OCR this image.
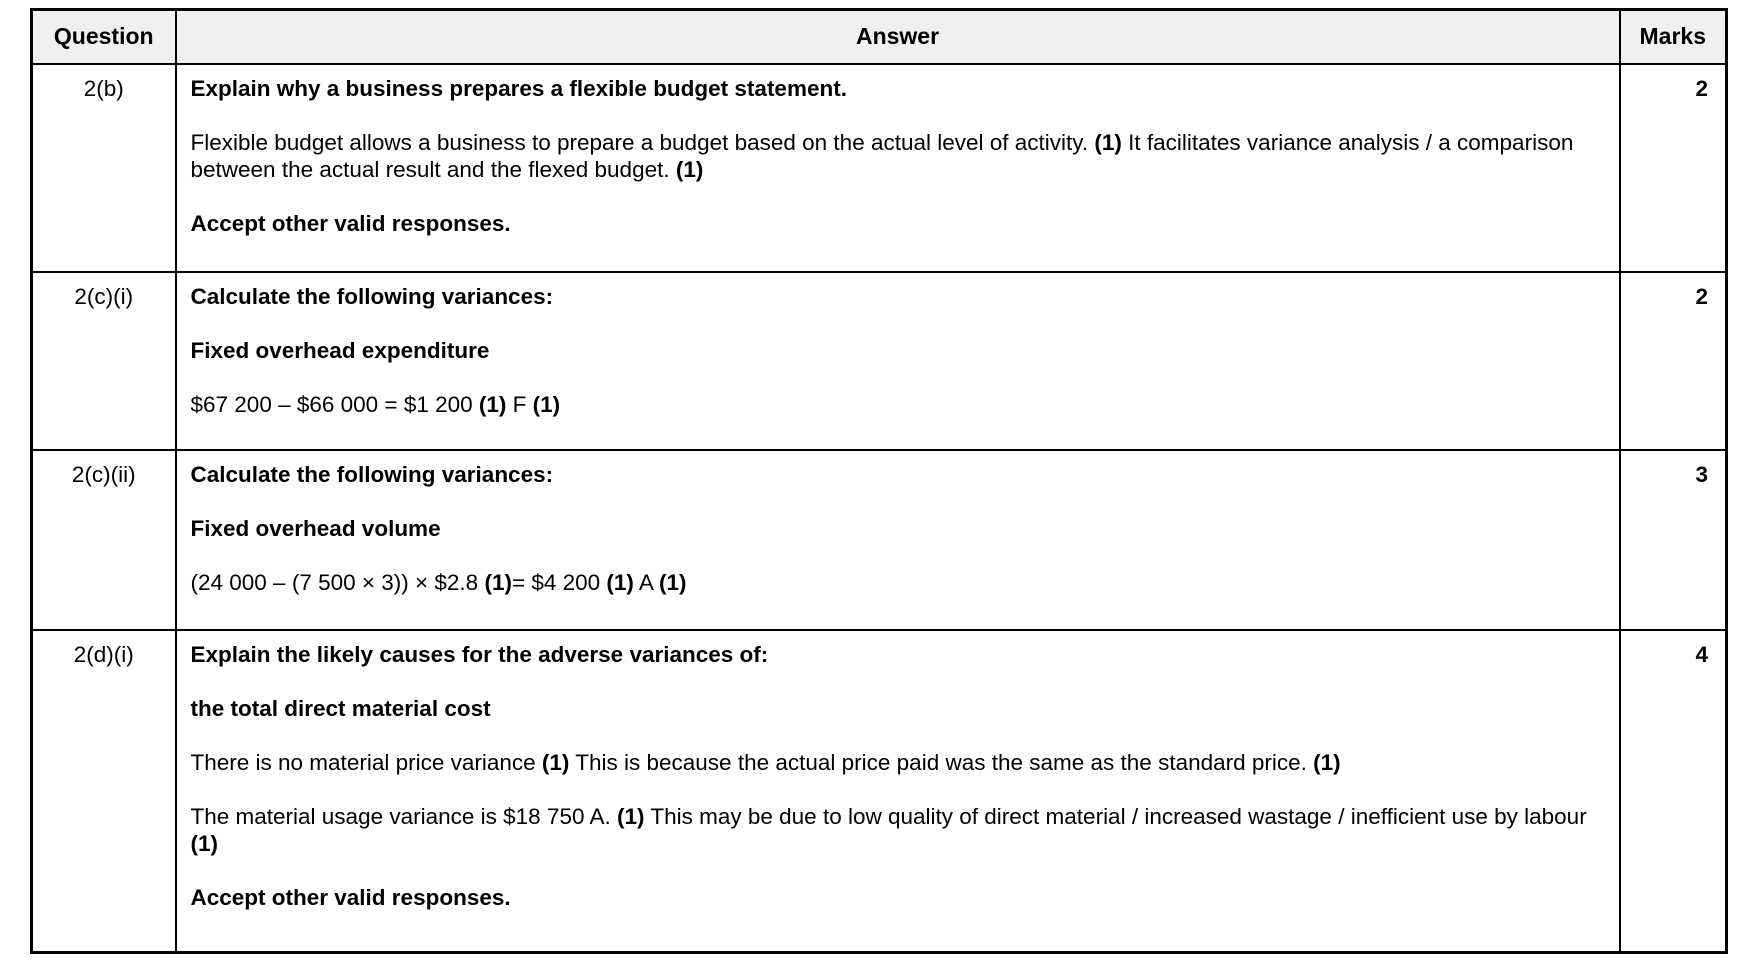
Question	Answer	Marks
2(b)	Explain why a business prepares a flexible budget statement.

Flexible budget allows a business to prepare a budget based on the actual level of activity. (1) It facilitates variance analysis / a comparison between the actual result and the flexed budget. (1)

Accept other valid responses.	2
2(c)(i)	Calculate the following variances:

Fixed overhead expenditure

$67 200 – $66 000 = $1 200 (1) F (1)	2
2(c)(ii)	Calculate the following variances:

Fixed overhead volume

(24 000 – (7 500 × 3)) × $2.8 (1)= $4 200 (1) A (1)	3
2(d)(i)	Explain the likely causes for the adverse variances of:

the total direct material cost

There is no material price variance (1) This is because the actual price paid was the same as the standard price. (1)

The material usage variance is $18 750 A. (1) This may be due to low quality of direct material / increased wastage / inefficient use by labour (1)

Accept other valid responses.	4
